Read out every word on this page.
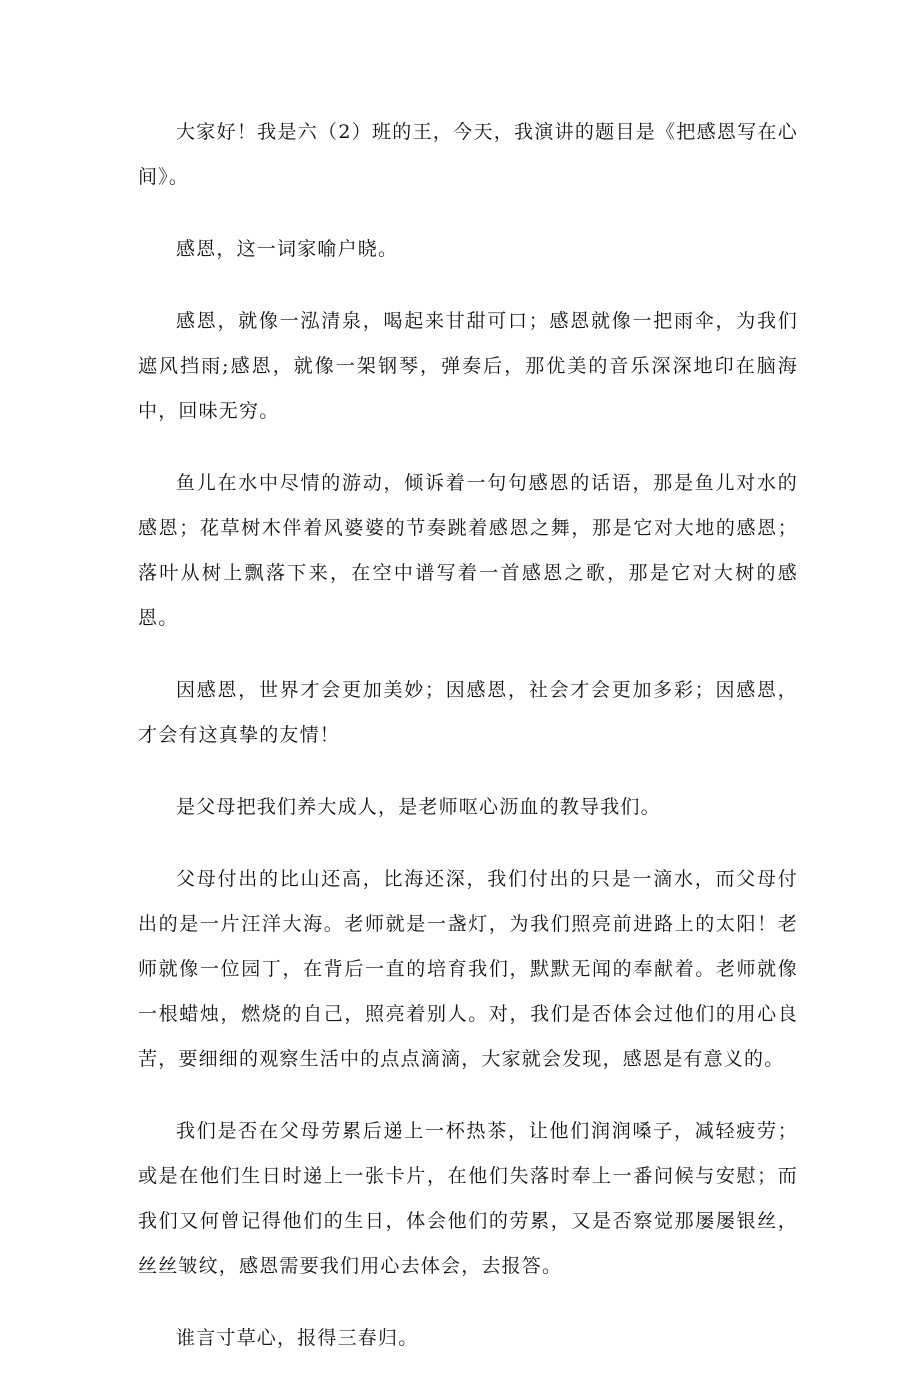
大家好！我是六（2）班的王，今天，我演讲的题目是《把感恩写在心间》。

感恩，这一词家喻户晓。

感恩，就像一泓清泉，喝起来甘甜可口；感恩就像一把雨伞，为我们遮风挡雨;感恩，就像一架钢琴，弹奏后，那优美的音乐深深地印在脑海中，回味无穷。

鱼儿在水中尽情的游动，倾诉着一句句感恩的话语，那是鱼儿对水的感恩；花草树木伴着风婆婆的节奏跳着感恩之舞，那是它对大地的感恩；落叶从树上飘落下来，在空中谱写着一首感恩之歌，那是它对大树的感恩。

因感恩，世界才会更加美妙；因感恩，社会才会更加多彩；因感恩，才会有这真挚的友情！

是父母把我们养大成人，是老师呕心沥血的教导我们。

父母付出的比山还高，比海还深，我们付出的只是一滴水，而父母付出的是一片汪洋大海。老师就是一盏灯，为我们照亮前进路上的太阳！老师就像一位园丁，在背后一直的培育我们，默默无闻的奉献着。老师就像一根蜡烛，燃烧的自己，照亮着别人。对，我们是否体会过他们的用心良苦，要细细的观察生活中的点点滴滴，大家就会发现，感恩是有意义的。

我们是否在父母劳累后递上一杯热茶，让他们润润嗓子，减轻疲劳；或是在他们生日时递上一张卡片，在他们失落时奉上一番问候与安慰；而我们又何曾记得他们的生日，体会他们的劳累，又是否察觉那屡屡银丝，丝丝皱纹，感恩需要我们用心去体会，去报答。

谁言寸草心，报得三春归。
